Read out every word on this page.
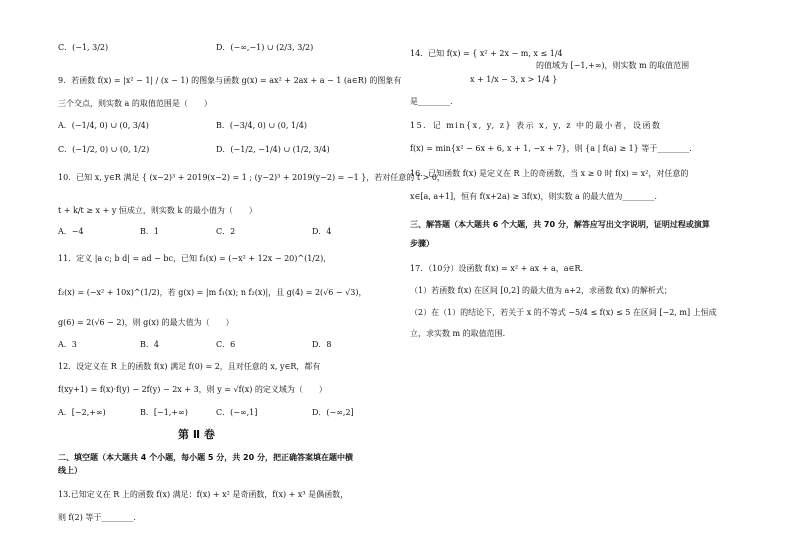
C．(−1, 3/2)	D．(−∞,−1) ∪ (2/3, 3/2)
9．若函数 f(x) = |x² − 1| / (x − 1) 的图象与函数 g(x) = ax² + 2ax + a − 1 (a∈R) 的图象有
三个交点，则实数 a 的取值范围是（　　）
A．(−1/4, 0) ∪ (0, 3/4)	B．(−3/4, 0) ∪ (0, 1/4)
C．(−1/2, 0) ∪ (0, 1/2)	D．(−1/2, −1/4) ∪ (1/2, 3/4)
10．已知 x, y∈R 满足 { (x−2)³ + 2019(x−2) = 1 ; (y−2)³ + 2019(y−2) = −1 }，若对任意的 t > 0，
t + k/t ≥ x + y 恒成立，则实数 k 的最小值为（　　）
A．−4	B．1	C．2	D．4
11．定义 |a c; b d| = ad − bc，已知 f₁(x) = (−x² + 12x − 20)^(1/2)，
f₂(x) = (−x² + 10x)^(1/2)，若 g(x) = |m f₁(x); n f₂(x)|，且 g(4) = 2(√6 − √3)，
g(6) = 2(√6 − 2)，则 g(x) 的最大值为（　　）
A．3	B．4	C．6	D．8
12．设定义在 R 上的函数 f(x) 满足 f(0) = 2，且对任意的 x, y∈R，都有
f(xy+1) = f(x)·f(y) − 2f(y) − 2x + 3，则 y = √f(x) 的定义域为（　　）
A．[−2,+∞)	B．[−1,+∞)	C．(−∞,1]	D．(−∞,2]
第 Ⅱ 卷
二、填空题（本大题共 4 个小题，每小题 5 分，共 20 分，把正确答案填在题中横
线上）
13.已知定义在 R 上的函数 f(x) 满足：f(x) + x² 是奇函数，f(x) + x³ 是偶函数，
则 f(2) 等于________.
14．已知 f(x) = { x² + 2x − m, x ≤ 1/4
的值域为 [−1,+∞)，则实数 m 的取值范围
x + 1/x − 3, x > 1/4 }
是________.
15．记 min{x, y, z} 表示 x, y, z 中的最小者，设函数
f(x) = min{x² − 6x + 6, x + 1, −x + 7}，则 {a | f(a) ≥ 1} 等于________.
16．已知函数 f(x) 是定义在 R 上的奇函数，当 x ≥ 0 时 f(x) = x²，对任意的
x∈[a, a+1]，恒有 f(x+2a) ≥ 3f(x)，则实数 a 的最大值为________.
三、解答题（本大题共 6 个大题，共 70 分，解答应写出文字说明，证明过程或演算
步骤）
17．（10分）设函数 f(x) = x² + ax + a，a∈R.
（1）若函数 f(x) 在区间 [0,2] 的最大值为 a+2，求函数 f(x) 的解析式；
（2）在（1）的结论下，若关于 x 的不等式 −5/4 ≤ f(x) ≤ 5 在区间 [−2, m] 上恒成
立，求实数 m 的取值范围.
